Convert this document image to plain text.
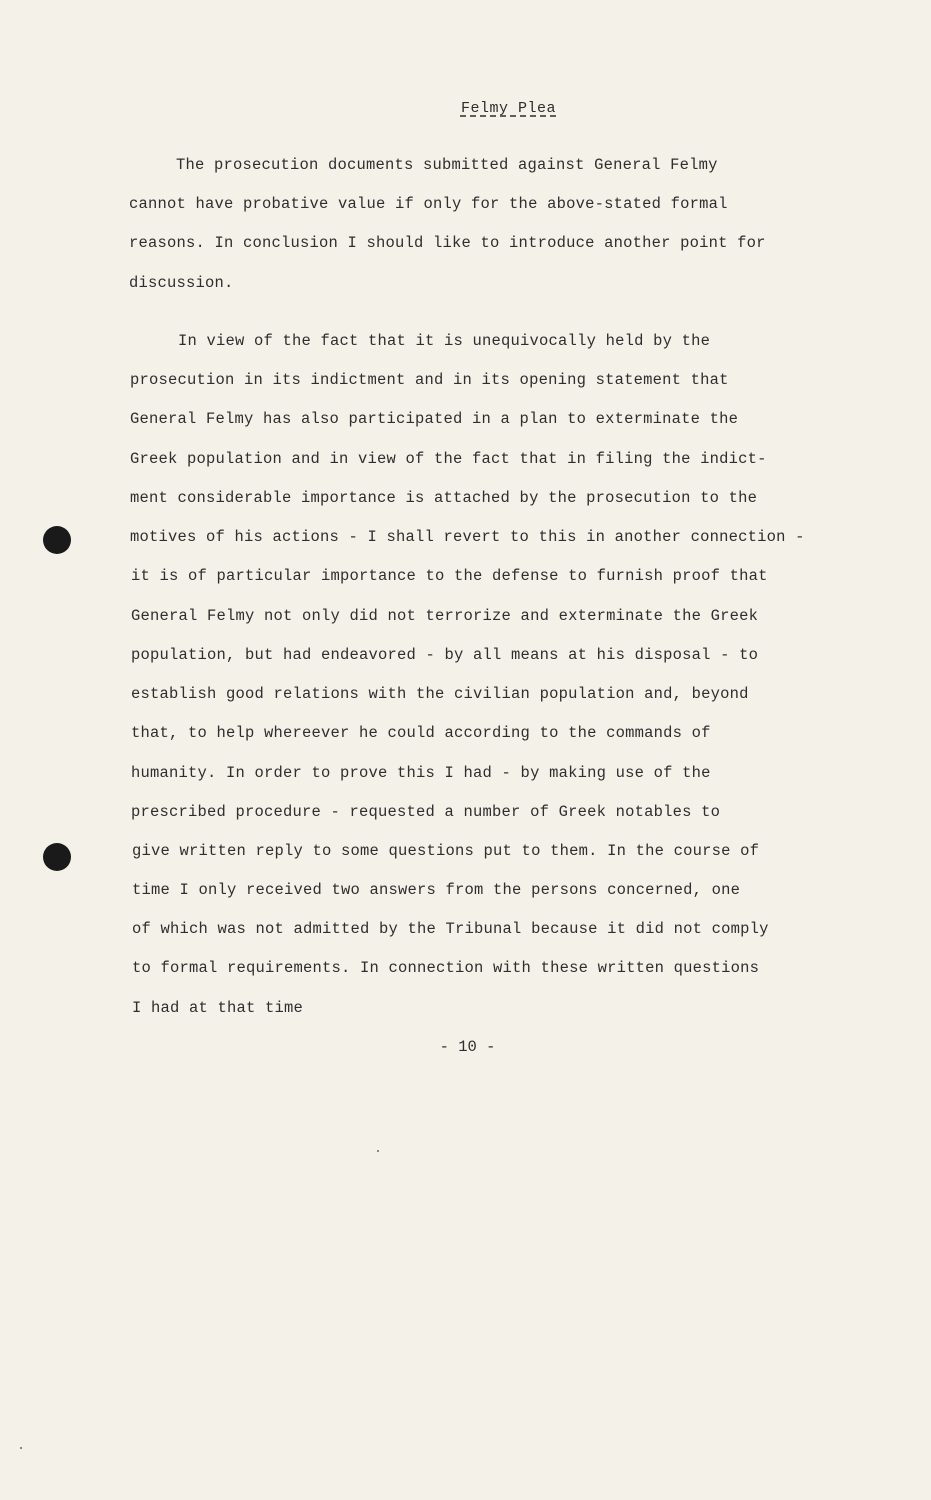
Felmy Plea
The prosecution documents submitted against General Felmy
cannot have probative value if only for the above-stated formal
reasons. In conclusion I should like to introduce another point for
discussion.
In view of the fact that it is unequivocally held by the
prosecution in its indictment and in its opening statement that
General Felmy has also participated in a plan to exterminate the
Greek population and in view of the fact that in filing the indict-
ment considerable importance is attached by the prosecution to the
motives of his actions - I shall revert to this in another connection -
it is of particular importance to the defense to furnish proof that
General Felmy not only did not terrorize and exterminate the Greek
population, but had endeavored - by all means at his disposal - to
establish good relations with the civilian population and, beyond
that, to help whereever he could according to the commands of
humanity. In order to prove this I had - by making use of the
prescribed procedure - requested a number of Greek notables to
give written reply to some questions put to them. In the course of
time I only received two answers from the persons concerned, one
of which was not admitted by the Tribunal because it did not comply
to formal requirements. In connection with these written questions
I had at that time
- 10 -
